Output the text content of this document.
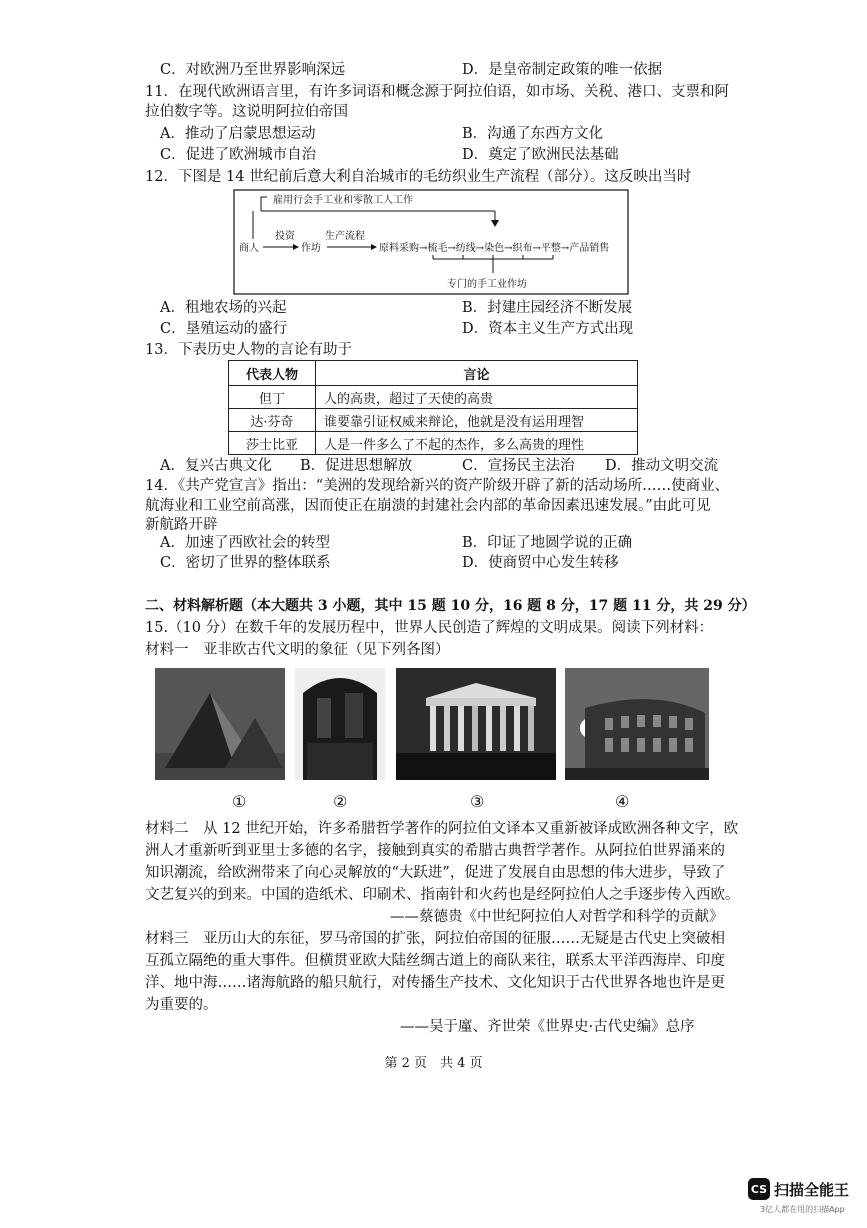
C．对欧洲乃至世界影响深远	D．是皇帝制定政策的唯一依据
11．在现代欧洲语言里，有许多词语和概念源于阿拉伯语，如市场、关税、港口、支票和阿
拉伯数字等。这说明阿拉伯帝国
A．推动了启蒙思想运动	B．沟通了东西方文化
C．促进了欧洲城市自治	D．奠定了欧洲民法基础
12．下图是 14 世纪前后意大利自治城市的毛纺织业生产流程（部分）。这反映出当时
雇用行会手工业和零散工人工作
商人
投资
作坊
生产流程
原料采购→梳毛→纺线→染色→织布→平整→产品销售
专门的手工业作坊
A．租地农场的兴起	B．封建庄园经济不断发展
C．垦殖运动的盛行	D．资本主义生产方式出现
13．下表历史人物的言论有助于
代表人物	言论
但丁	人的高贵，超过了天使的高贵
达·芬奇	谁要靠引证权威来辩论，他就是没有运用理智
莎士比亚	人是一件多么了不起的杰作，多么高贵的理性
A．复兴古典文化 B．促进思想解放	C．宣扬民主法治 D．推动文明交流
14．《共产党宣言》指出：“美洲的发现给新兴的资产阶级开辟了新的活动场所……使商业、
航海业和工业空前高涨，因而使正在崩溃的封建社会内部的革命因素迅速发展。”由此可见
新航路开辟
A．加速了西欧社会的转型	B．印证了地圆学说的正确
C．密切了世界的整体联系	D．使商贸中心发生转移
二、材料解析题（本大题共 3 小题，其中 15 题 10 分，16 题 8 分，17 题 11 分，共 29 分）
15.（10 分）在数千年的发展历程中，世界人民创造了辉煌的文明成果。阅读下列材料：
材料一　亚非欧古代文明的象征（见下列各图）
①	②	③	④
材料二　从 12 世纪开始，许多希腊哲学著作的阿拉伯文译本又重新被译成欧洲各种文字，欧
洲人才重新听到亚里士多德的名字，接触到真实的希腊古典哲学著作。从阿拉伯世界涌来的
知识潮流，给欧洲带来了向心灵解放的“大跃进”，促进了发展自由思想的伟大进步，导致了
文艺复兴的到来。中国的造纸术、印刷术、指南针和火药也是经阿拉伯人之手逐步传入西欧。
——蔡德贵《中世纪阿拉伯人对哲学和科学的贡献》
材料三　亚历山大的东征，罗马帝国的扩张，阿拉伯帝国的征服……无疑是古代史上突破相
互孤立隔绝的重大事件。但横贯亚欧大陆丝绸古道上的商队来往，联系太平洋西海岸、印度
洋、地中海……诸海航路的船只航行，对传播生产技术、文化知识于古代世界各地也许是更
为重要的。
——吴于廑、齐世荣《世界史·古代史编》总序
第 2 页　共 4 页
CS 扫描全能王
3亿人都在用的扫描App
